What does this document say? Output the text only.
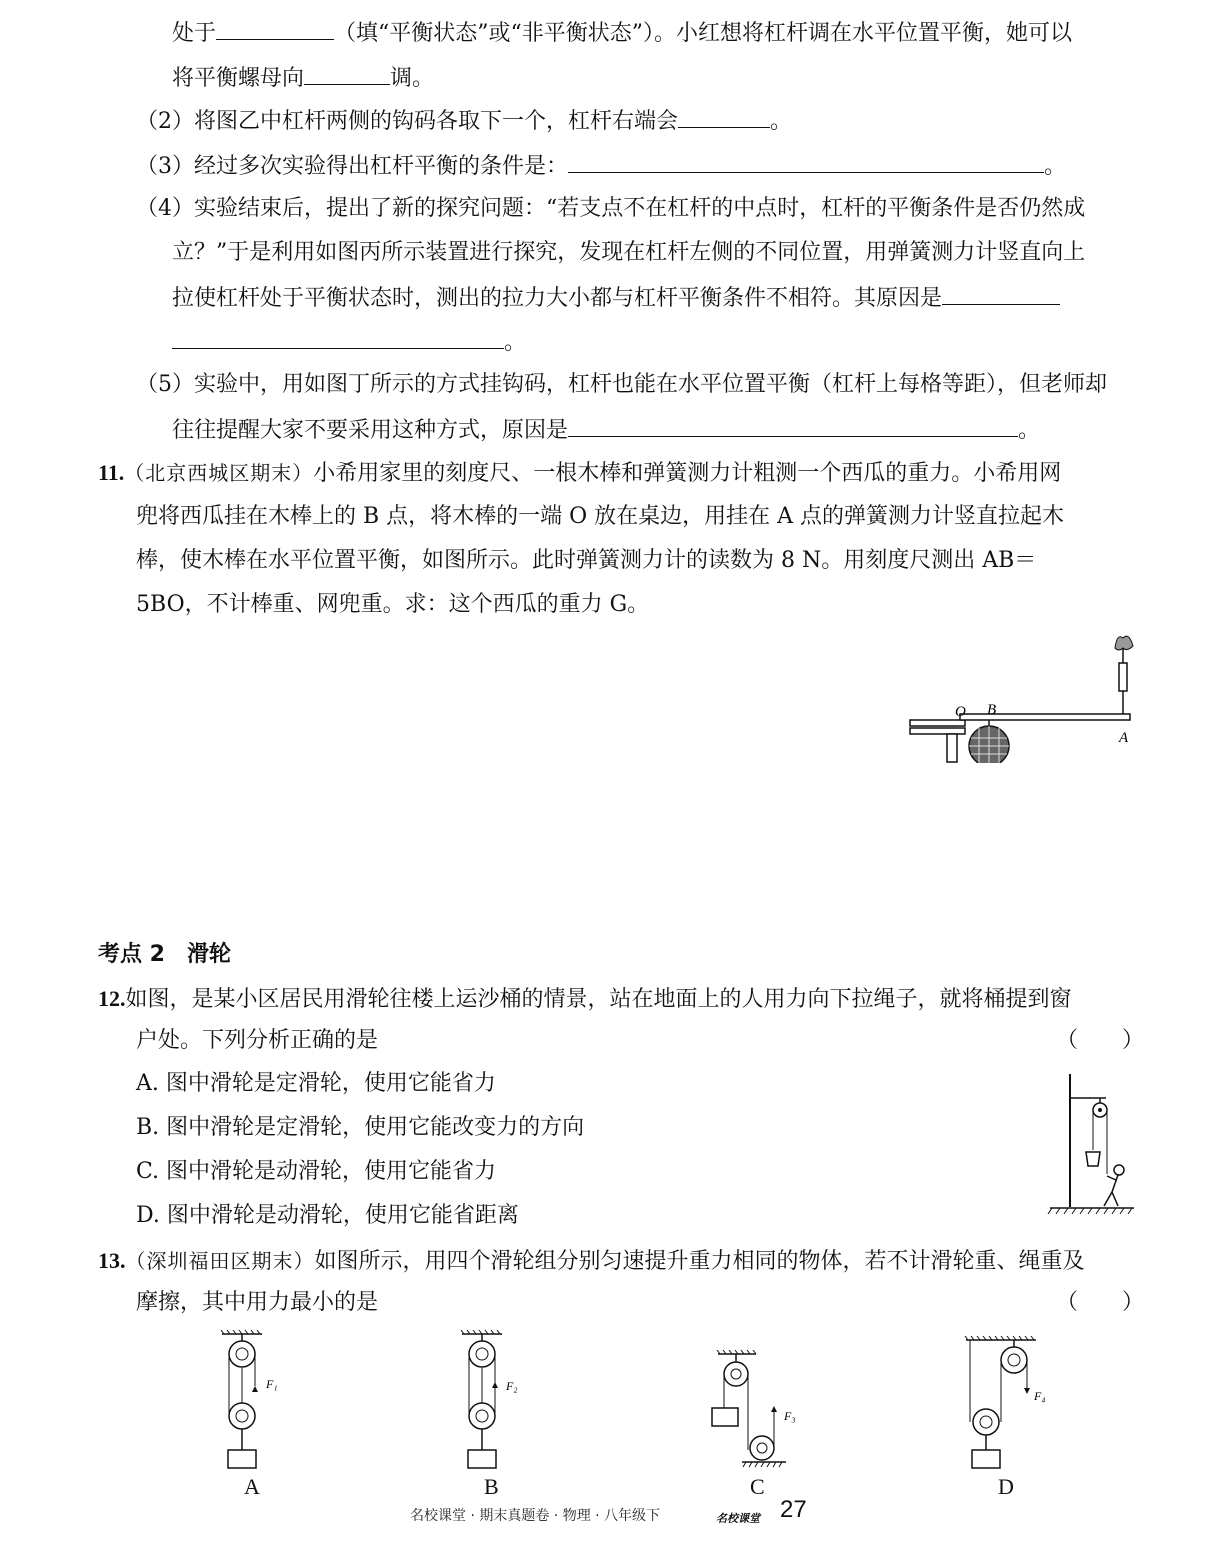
处于	（填“平衡状态”或“非平衡状态”）。小红想将杠杆调在水平位置平衡，她可以
将平衡螺母向	调。
（2）将图乙中杠杆两侧的钩码各取下一个，杠杆右端会	。
（3）经过多次实验得出杠杆平衡的条件是：	。
（4）实验结束后，提出了新的探究问题：“若支点不在杠杆的中点时，杠杆的平衡条件是否仍然成
立？”于是利用如图丙所示装置进行探究，发现在杠杆左侧的不同位置，用弹簧测力计竖直向上
拉使杠杆处于平衡状态时，测出的拉力大小都与杠杆平衡条件不相符。其原因是
。
（5）实验中，用如图丁所示的方式挂钩码，杠杆也能在水平位置平衡（杠杆上每格等距），但老师却
往往提醒大家不要采用这种方式，原因是	。
11.（北京西城区期末）小希用家里的刻度尺、一根木棒和弹簧测力计粗测一个西瓜的重力。小希用网
兜将西瓜挂在木棒上的 B 点，将木棒的一端 O 放在桌边，用挂在 A 点的弹簧测力计竖直拉起木
棒，使木棒在水平位置平衡，如图所示。此时弹簧测力计的读数为 8 N。用刻度尺测出 AB＝
5BO，不计棒重、网兜重。求：这个西瓜的重力 G。
O B
A
考点 2　滑轮
12.如图，是某小区居民用滑轮往楼上运沙桶的情景，站在地面上的人用力向下拉绳子，就将桶提到窗
户处。下列分析正确的是	（　　）
A. 图中滑轮是定滑轮，使用它能省力
B. 图中滑轮是定滑轮，使用它能改变力的方向
C. 图中滑轮是动滑轮，使用它能省力
D. 图中滑轮是动滑轮，使用它能省距离
13.（深圳福田区期末）如图所示，用四个滑轮组分别匀速提升重力相同的物体，若不计滑轮重、绳重及
摩擦，其中用力最小的是	（　　）
F₁
A
F₂
B
F₃
C
F₄
D
名校课堂 · 期末真题卷 · 物理 · 八年级下	名校课堂 27
